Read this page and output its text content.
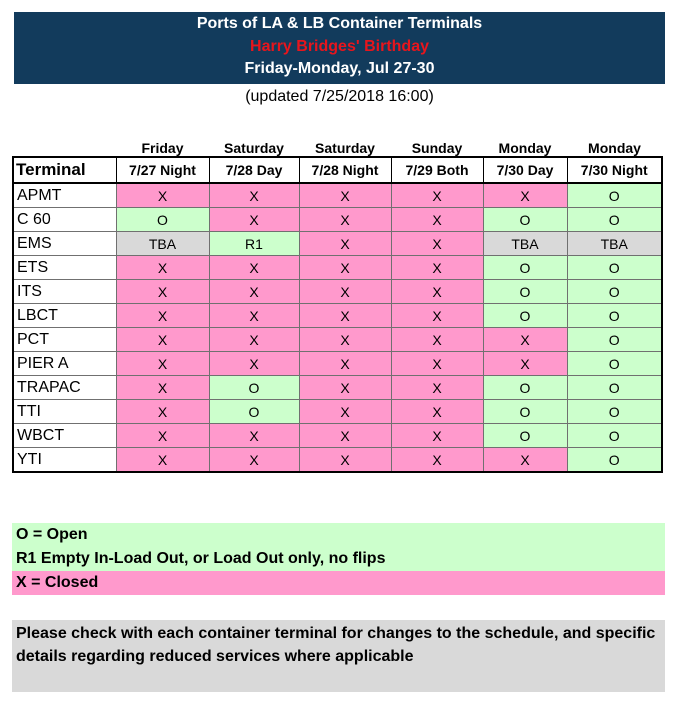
Ports of LA & LB Container Terminals
Harry Bridges' Birthday
Friday-Monday, Jul 27-30
(updated 7/25/2018 16:00)
	Friday	Saturday	Saturday	Sunday	Monday	Monday
Terminal	7/27 Night	7/28 Day	7/28 Night	7/29 Both	7/30 Day	7/30 Night
APMT	X	X	X	X	X	O
C 60	O	X	X	X	O	O
EMS	TBA	R1	X	X	TBA	TBA
ETS	X	X	X	X	O	O
ITS	X	X	X	X	O	O
LBCT	X	X	X	X	O	O
PCT	X	X	X	X	X	O
PIER A	X	X	X	X	X	O
TRAPAC	X	O	X	X	O	O
TTI	X	O	X	X	O	O
WBCT	X	X	X	X	O	O
YTI	X	X	X	X	X	O
O = Open
R1 Empty In-Load Out, or Load Out only, no flips
X = Closed
Please check with each container terminal for changes to the schedule, and specific details regarding reduced services where applicable
